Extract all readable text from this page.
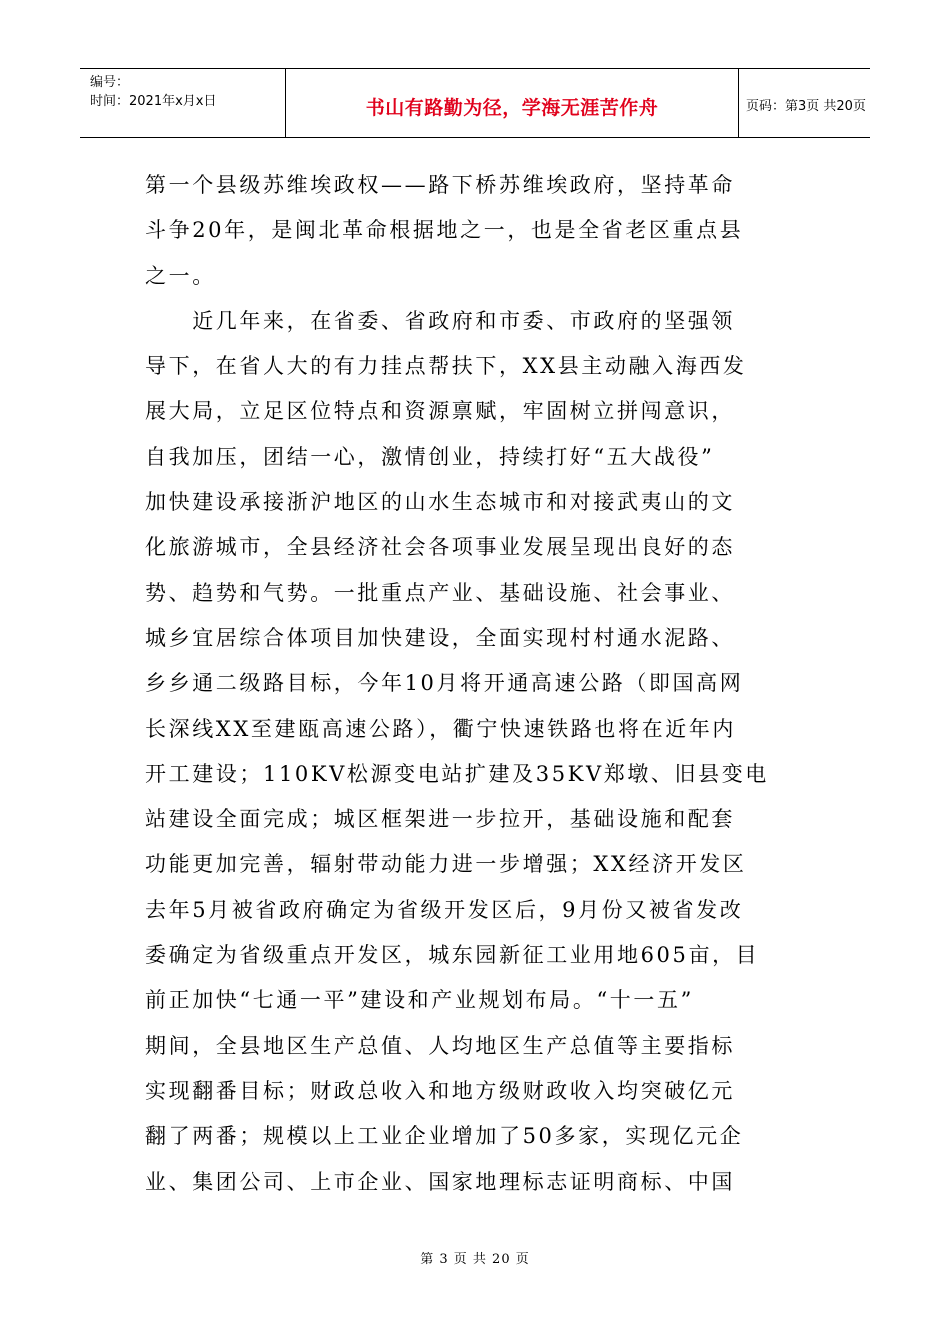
编号：
时间：2021年x月x日	书山有路勤为径，学海无涯苦作舟	页码：第3页 共20页
第一个县级苏维埃政权——路下桥苏维埃政府，坚持革命
斗争20年，是闽北革命根据地之一，也是全省老区重点县
之一。
　　近几年来，在省委、省政府和市委、市政府的坚强领
导下，在省人大的有力挂点帮扶下，XX县主动融入海西发
展大局，立足区位特点和资源禀赋，牢固树立拼闯意识，
自我加压，团结一心，激情创业，持续打好“五大战役”
加快建设承接浙沪地区的山水生态城市和对接武夷山的文
化旅游城市，全县经济社会各项事业发展呈现出良好的态
势、趋势和气势。一批重点产业、基础设施、社会事业、
城乡宜居综合体项目加快建设，全面实现村村通水泥路、
乡乡通二级路目标，今年10月将开通高速公路（即国高网
长深线XX至建瓯高速公路），衢宁快速铁路也将在近年内
开工建设；110KV松源变电站扩建及35KV郑墩、旧县变电
站建设全面完成；城区框架进一步拉开，基础设施和配套
功能更加完善，辐射带动能力进一步增强；XX经济开发区
去年5月被省政府确定为省级开发区后，9月份又被省发改
委确定为省级重点开发区，城东园新征工业用地605亩，目
前正加快“七通一平”建设和产业规划布局。“十一五”
期间，全县地区生产总值、人均地区生产总值等主要指标
实现翻番目标；财政总收入和地方级财政收入均突破亿元
翻了两番；规模以上工业企业增加了50多家，实现亿元企
业、集团公司、上市企业、国家地理标志证明商标、中国
第 3 页 共 20 页
